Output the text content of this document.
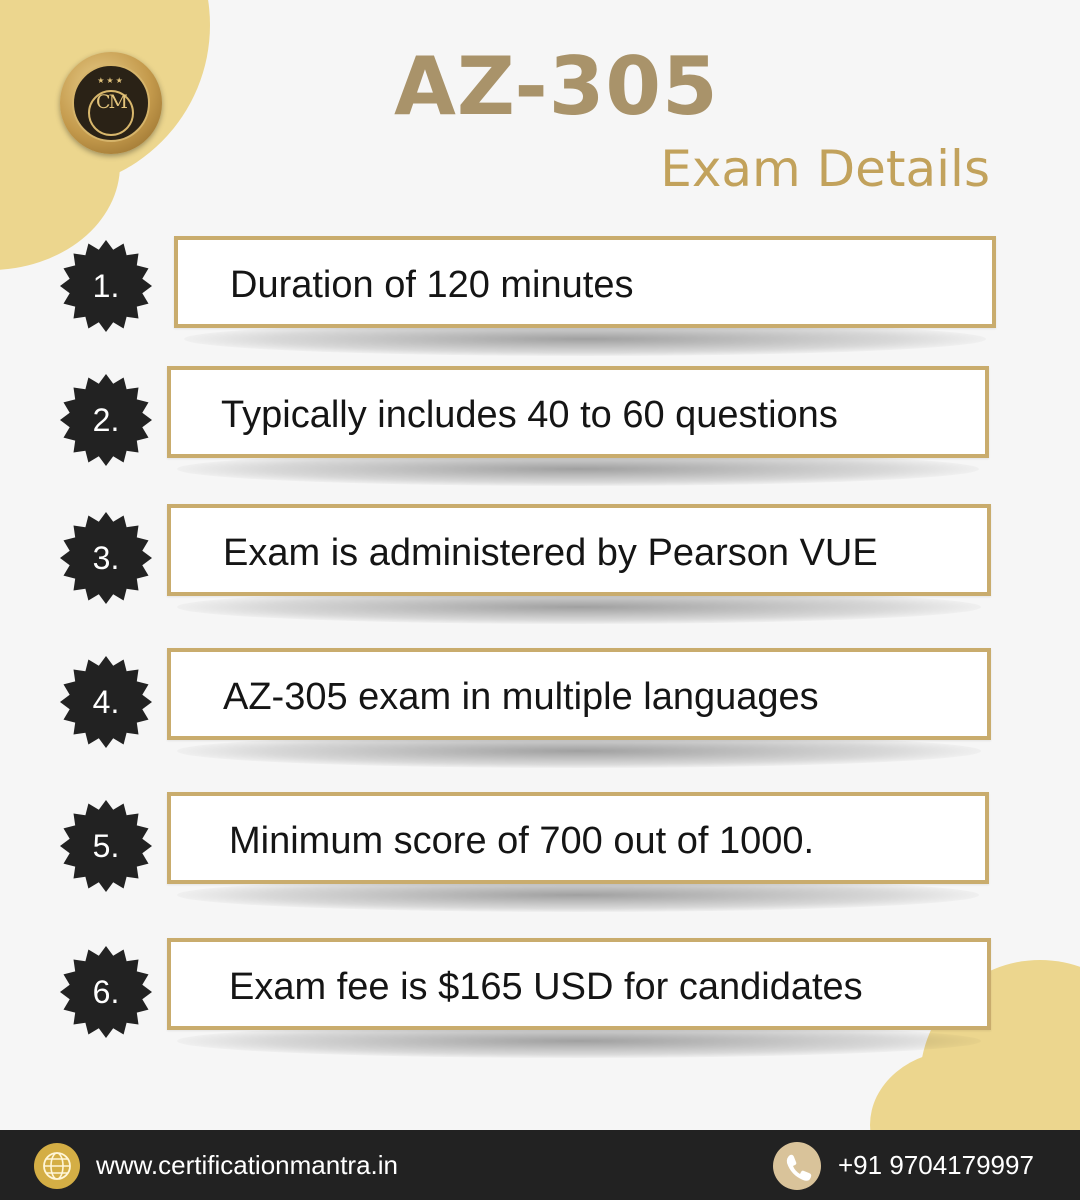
★★★
CM	AZ-305
Exam Details
1.	Duration of 120 minutes
2.	Typically includes 40 to 60 questions
3.	Exam is administered by Pearson VUE
4.	AZ-305 exam in multiple languages
5.	Minimum score of 700 out of 1000.
6.	Exam fee is $165 USD for candidates
www.certificationmantra.in	+91 9704179997
